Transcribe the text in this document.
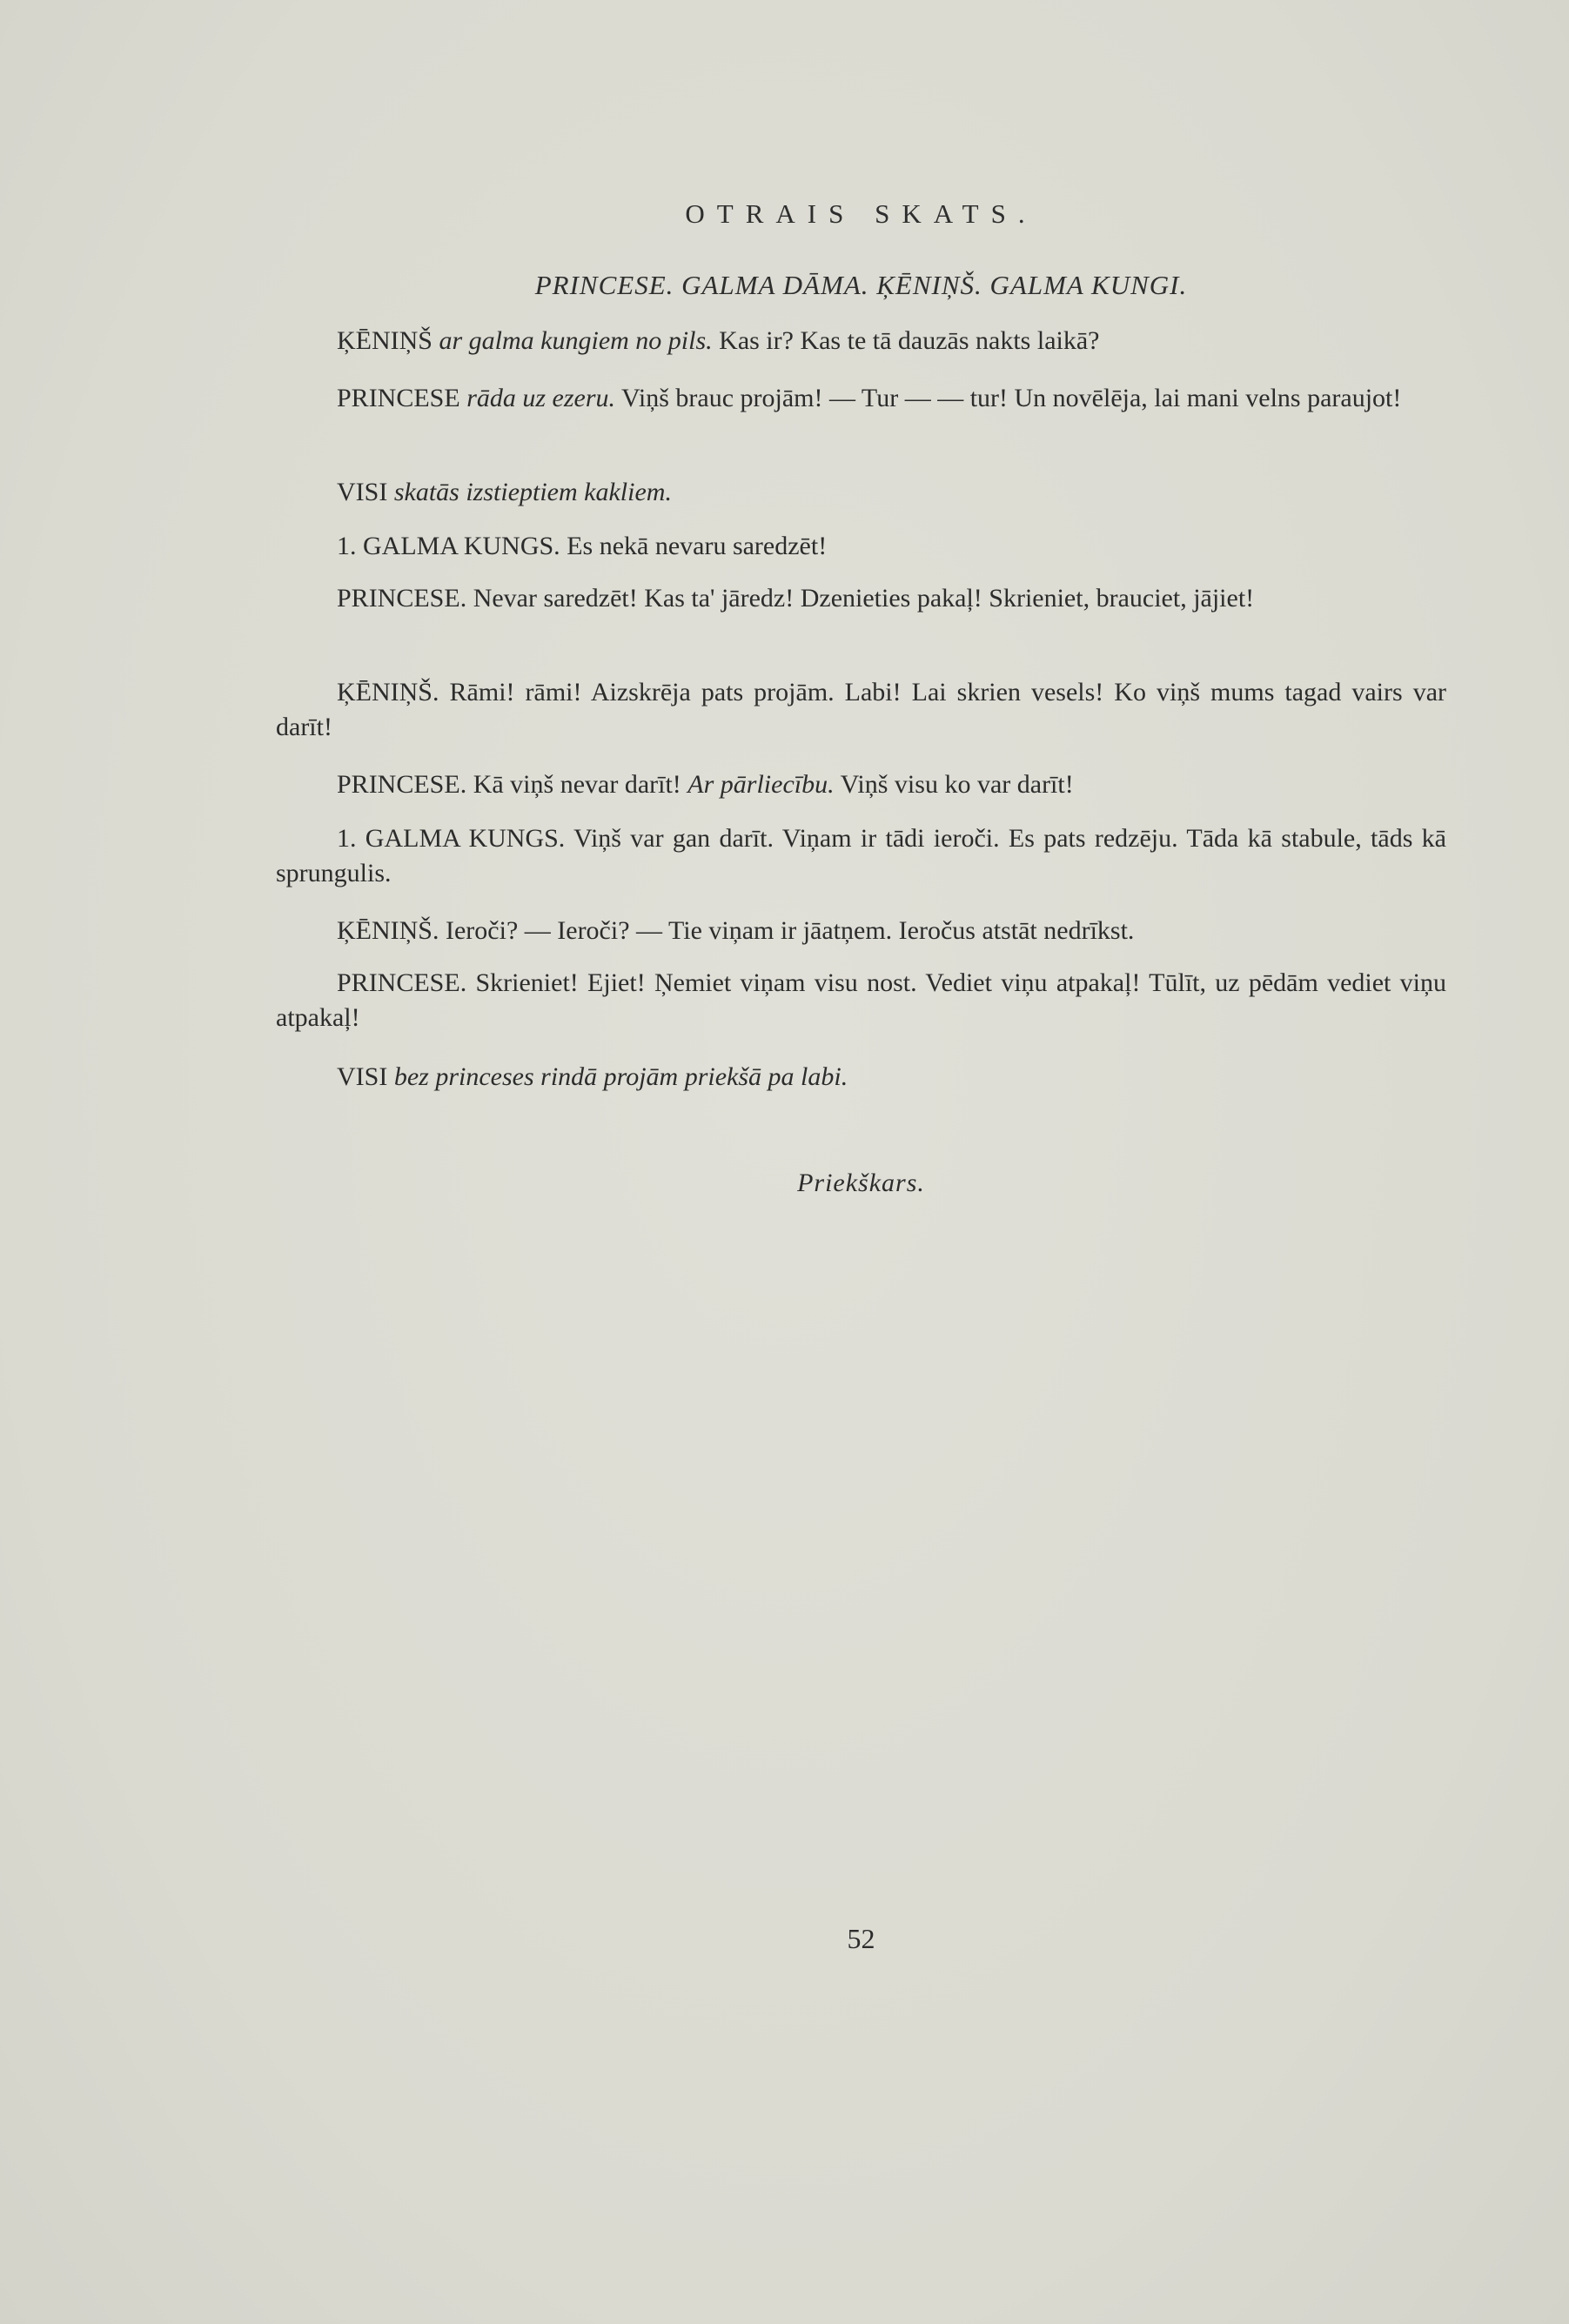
OTRAIS SKATS.
PRINCESE. GALMA DĀMA. ĶĒNIŅŠ. GALMA KUNGI.
ĶĒNIŅŠ ar galma kungiem no pils. Kas ir? Kas te tā dauzās nakts laikā?
PRINCESE rāda uz ezeru. Viņš brauc projām! — Tur — — tur! Un novēlēja, lai mani velns paraujot!
VISI skatās izstieptiem kakliem.
1. GALMA KUNGS. Es nekā nevaru saredzēt!
PRINCESE. Nevar saredzēt! Kas ta' jāredz! Dzenieties pakaļ! Skrieniet, brauciet, jājiet!
ĶĒNIŅŠ. Rāmi! rāmi! Aizskrēja pats projām. Labi! Lai skrien vesels! Ko viņš mums tagad vairs var darīt!
PRINCESE. Kā viņš nevar darīt! Ar pārliecību. Viņš visu ko var darīt!
1. GALMA KUNGS. Viņš var gan darīt. Viņam ir tādi ieroči. Es pats redzēju. Tāda kā stabule, tāds kā sprungulis.
ĶĒNIŅŠ. Ieroči? — Ieroči? — Tie viņam ir jāatņem. Ieročus atstāt nedrīkst.
PRINCESE. Skrieniet! Ejiet! Ņemiet viņam visu nost. Vediet viņu atpakaļ! Tūlīt, uz pēdām vediet viņu atpakaļ!
VISI bez princeses rindā projām priekšā pa labi.
Priekškars.
52
